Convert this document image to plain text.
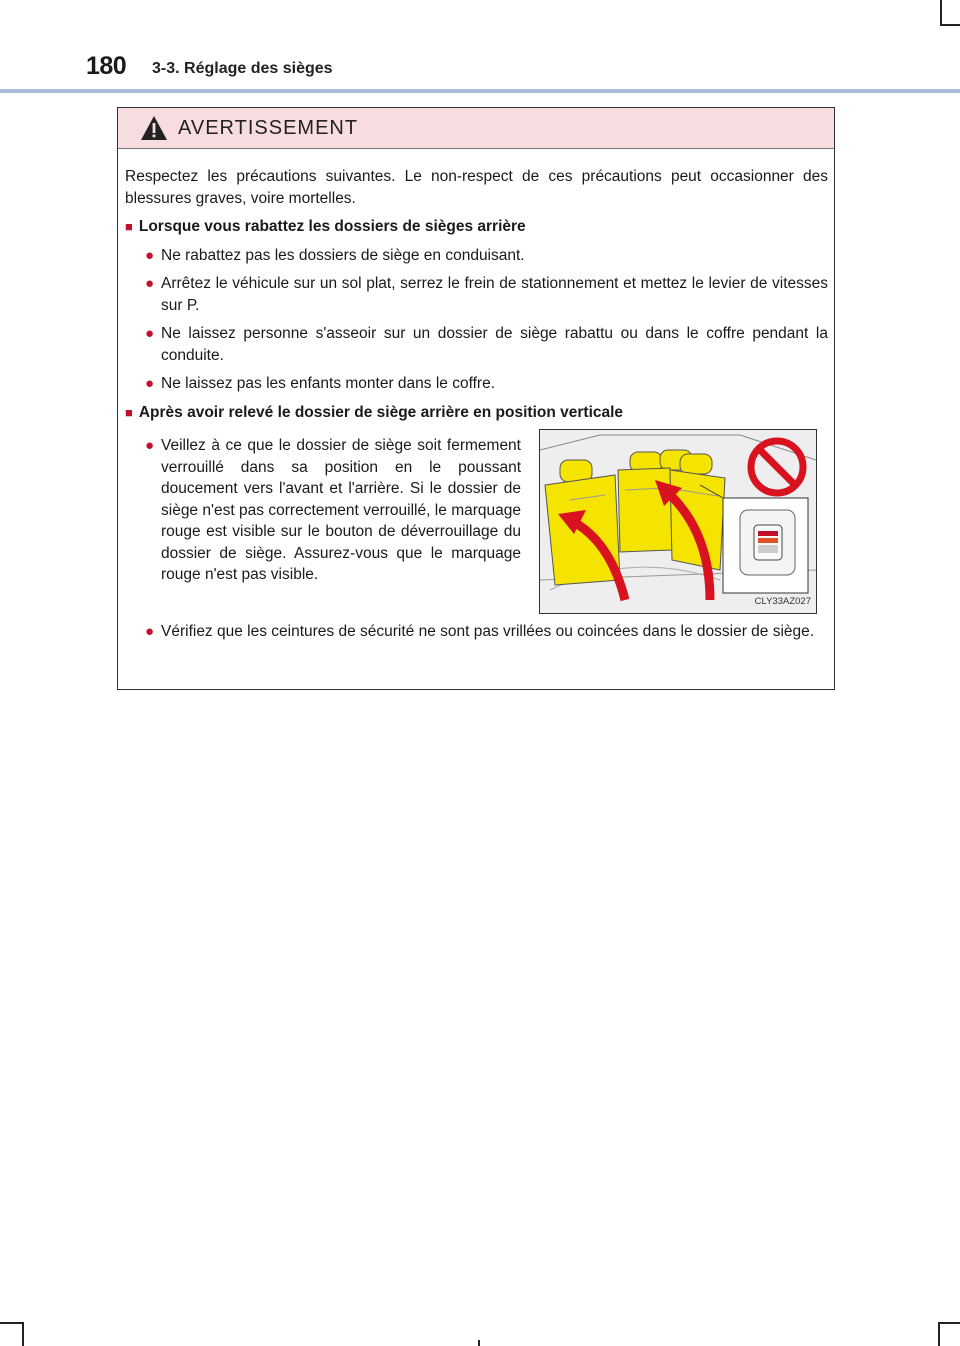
180 3-3. Réglage des sièges
AVERTISSEMENT

Respectez les précautions suivantes. Le non-respect de ces précautions peut occasionner des blessures graves, voire mortelles.

■ Lorsque vous rabattez les dossiers de sièges arrière
● Ne rabattez pas les dossiers de siège en conduisant.
● Arrêtez le véhicule sur un sol plat, serrez le frein de stationnement et mettez le levier de vitesses sur P.
● Ne laissez personne s'asseoir sur un dossier de siège rabattu ou dans le coffre pendant la conduite.
● Ne laissez pas les enfants monter dans le coffre.
■ Après avoir relevé le dossier de siège arrière en position verticale
● Veillez à ce que le dossier de siège soit fermement verrouillé dans sa position en le poussant doucement vers l'avant et l'arrière. Si le dossier de siège n'est pas correctement verrouillé, le marquage rouge est visible sur le bouton de déverrouillage du dossier de siège. Assurez-vous que le marquage rouge n'est pas visible.
CLY33AZ027
● Vérifiez que les ceintures de sécurité ne sont pas vrillées ou coincées dans le dossier de siège.
